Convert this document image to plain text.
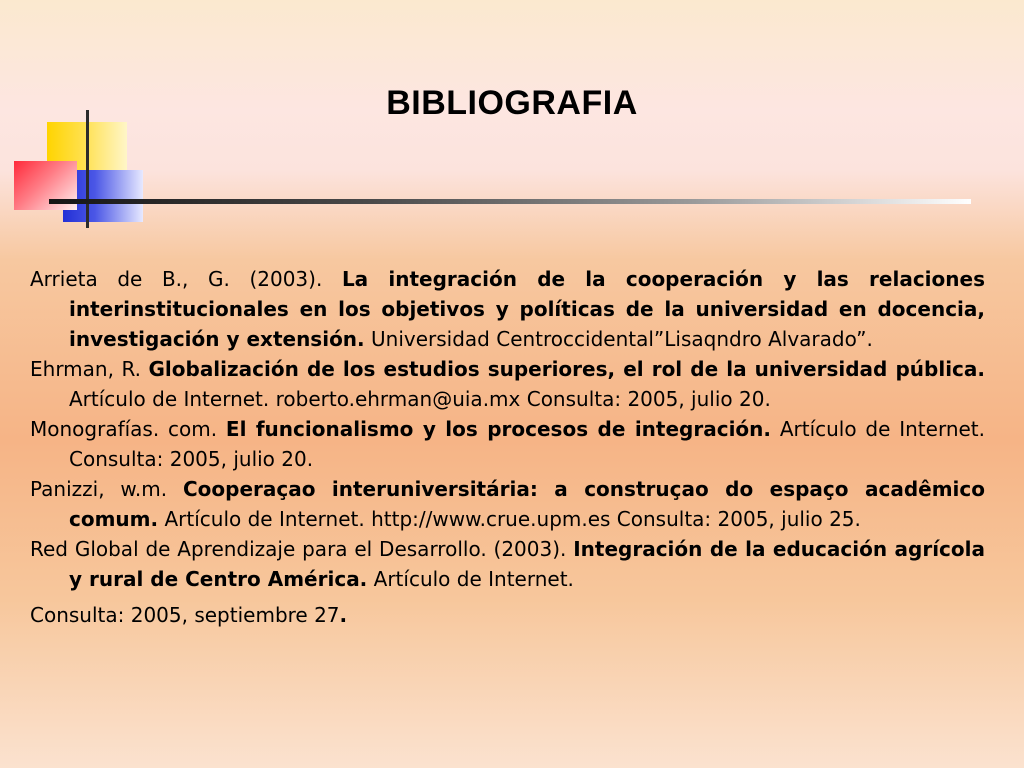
BIBLIOGRAFIA

Arrieta de B., G. (2003). La integración de la cooperación y las relaciones interinstitucionales en los objetivos y políticas de la universidad en docencia, investigación y extensión. Universidad Centroccidental”Lisaqndro Alvarado”.

Ehrman, R. Globalización de los estudios superiores, el rol de la universidad pública. Artículo de Internet. roberto.ehrman@uia.mx Consulta: 2005, julio 20.

Monografías. com. El funcionalismo y los procesos de integración. Artículo de Internet. Consulta: 2005, julio 20.

Panizzi, w.m. Cooperaçao interuniversitária: a construçao do espaço acadêmico comum. Artículo de Internet. http://www.crue.upm.es Consulta: 2005, julio 25.

Red Global de Aprendizaje para el Desarrollo. (2003). Integración de la educación agrícola y rural de Centro América. Artículo de Internet.
Consulta: 2005, septiembre 27.
